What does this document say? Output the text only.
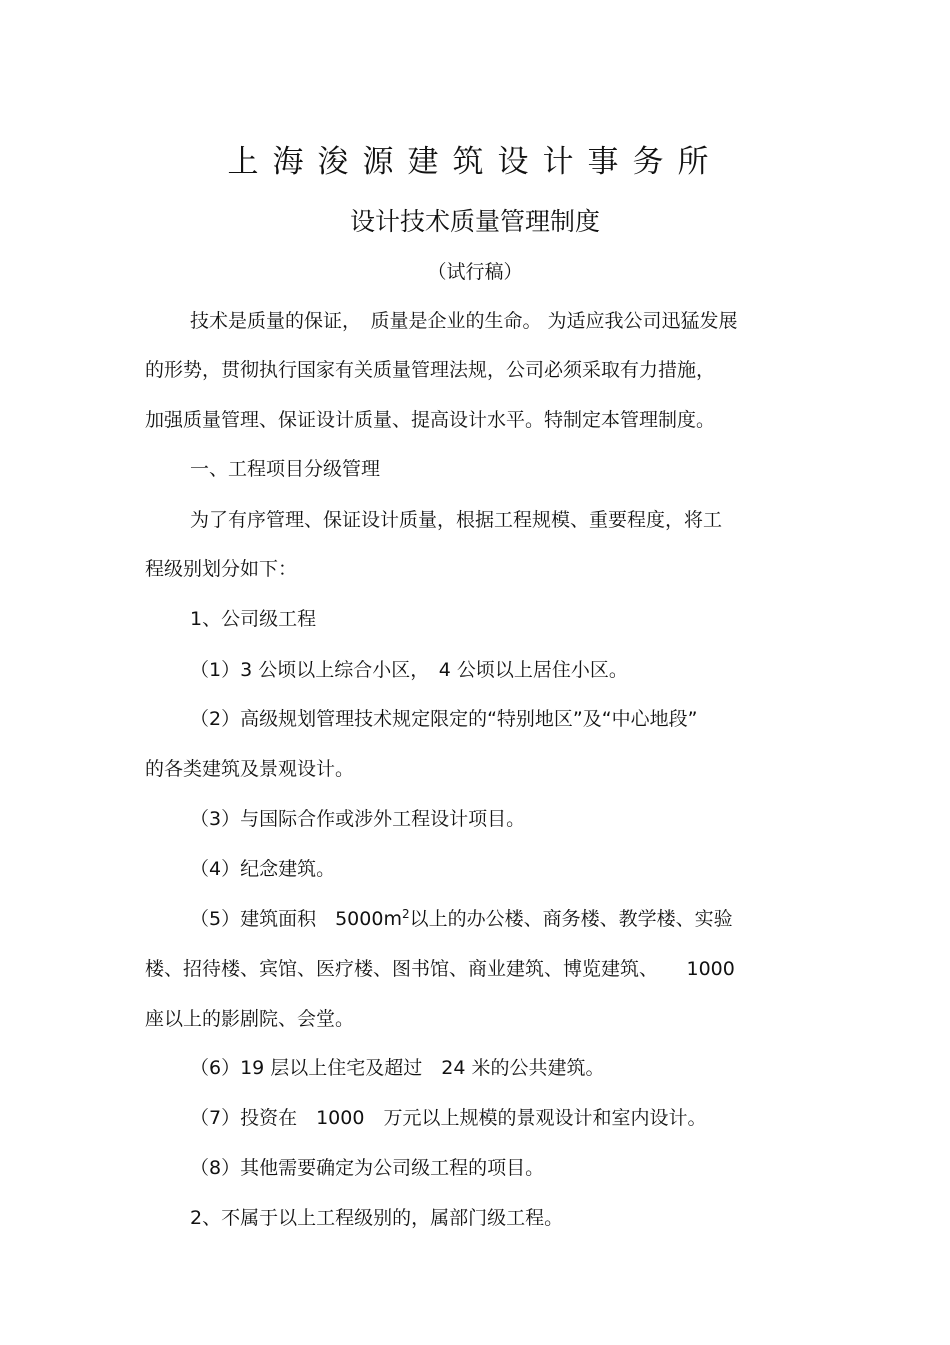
上海浚源建筑设计事务所
设计技术质量管理制度

（试行稿）

技术是质量的保证，　质量是企业的生命。 为适应我公司迅猛发展

的形势，贯彻执行国家有关质量管理法规，公司必须采取有力措施，

加强质量管理、保证设计质量、提高设计水平。特制定本管理制度。

一、工程项目分级管理

为了有序管理、保证设计质量，根据工程规模、重要程度，将工

程级别划分如下：

1、公司级工程

（1）3 公顷以上综合小区，　4 公顷以上居住小区。

（2）高级规划管理技术规定限定的“特别地区”及“中心地段”

的各类建筑及景观设计。

（3）与国际合作或涉外工程设计项目。

（4）纪念建筑。

（5）建筑面积　$5000m^2$以上的办公楼、商务楼、教学楼、实验

楼、招待楼、宾馆、医疗楼、图书馆、商业建筑、博览建筑、　　1000

座以上的影剧院、会堂。

（6）19 层以上住宅及超过　24 米的公共建筑。

（7）投资在　1000　万元以上规模的景观设计和室内设计。

（8）其他需要确定为公司级工程的项目。

2、不属于以上工程级别的，属部门级工程。
